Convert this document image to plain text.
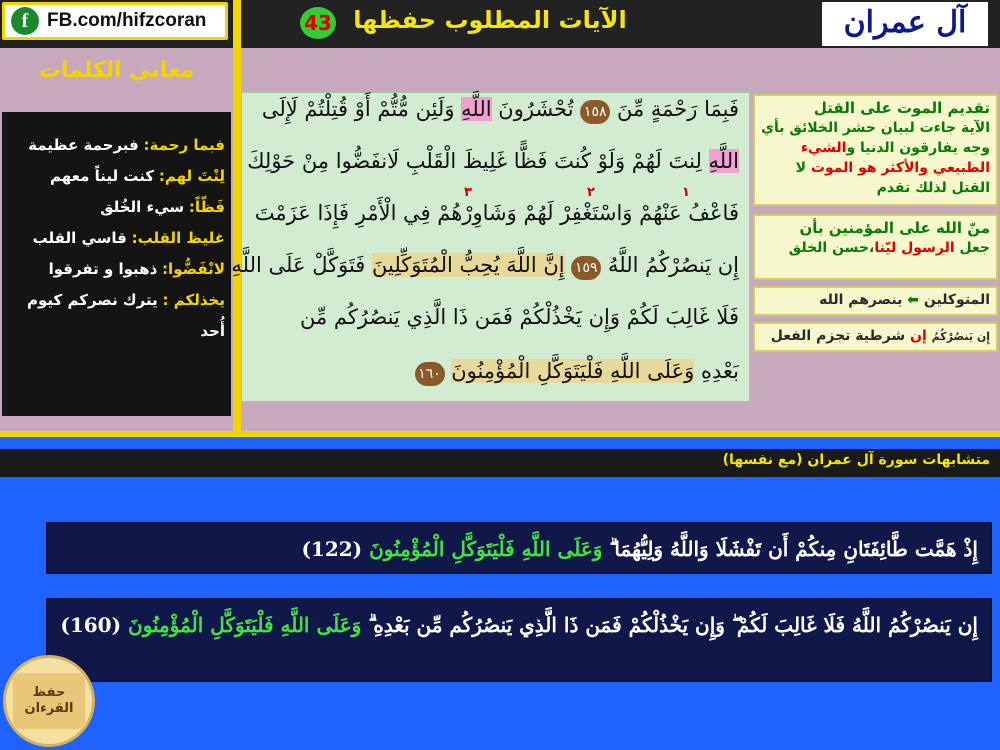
f FB.com/hifzcoran	الآيات المطلوب حفظها
43	آل عمران
معاني الكلمات
فبما رحمة: فبرحمة عظيمة
لِنْتَ لهم: كنت ليناً معهم
فَظّاً: سيء الخُلق
غليظ القلب: قاسي القلب
لانْفَضُّوا: ذهبوا و تفرقوا
يخذلكم : يترك نصركم كيوم أُحد
فَبِمَا رَحْمَةٍ مِّنَ ١٥٨ تُحْشَرُونَ اللَّهِ وَلَئِن مُّتُّمْ أَوْ قُتِلْتُمْ لَإِلَى
اللَّهِ لِنتَ لَهُمْ وَلَوْ كُنتَ فَظًّا غَلِيظَ الْقَلْبِ لَانفَضُّوا مِنْ حَوْلِكَ
١
٢
٣
فَاعْفُ عَنْهُمْ وَاسْتَغْفِرْ لَهُمْ وَشَاوِرْهُمْ فِي الْأَمْرِ فَإِذَا عَزَمْتَ
إِن يَنصُرْكُمُ اللَّهُ ١٥٩ إِنَّ اللَّهَ يُحِبُّ الْمُتَوَكِّلِينَ فَتَوَكَّلْ عَلَى اللَّهِ
فَلَا غَالِبَ لَكُمْ وَإِن يَخْذُلْكُمْ فَمَن ذَا الَّذِي يَنصُرُكُم مِّن
بَعْدِهِ وَعَلَى اللَّهِ فَلْيَتَوَكَّلِ الْمُؤْمِنُونَ ١٦٠
تقديم الموت على القتل
الآية جاءت لبيان حشر الخلائق بأي وجه يفارقون الدنيا والشيء الطبيعي والأكثر هو الموت لا القتل لذلك تقدم
منّ الله على المؤمنين بأن
جعل الرسول ليّنا،حسن الخلق
المتوكلين ⬅ ينصرهم الله
إِن يَنصُرْكُمُ إن شرطية تجزم الفعل
متشابهات سورة آل عمران (مع نفسها)
إِذْ هَمَّت طَّائِفَتَانِ مِنكُمْ أَن تَفْشَلَا وَاللَّهُ وَلِيُّهُمَا ۗ وَعَلَى اللَّهِ فَلْيَتَوَكَّلِ الْمُؤْمِنُونَ (122)
إِن يَنصُرْكُمُ اللَّهُ فَلَا غَالِبَ لَكُمْ ۖ وَإِن يَخْذُلْكُمْ فَمَن ذَا الَّذِي يَنصُرُكُم مِّن بَعْدِهِ ۗ وَعَلَى اللَّهِ فَلْيَتَوَكَّلِ الْمُؤْمِنُونَ (160)
حفظ
القرءان
